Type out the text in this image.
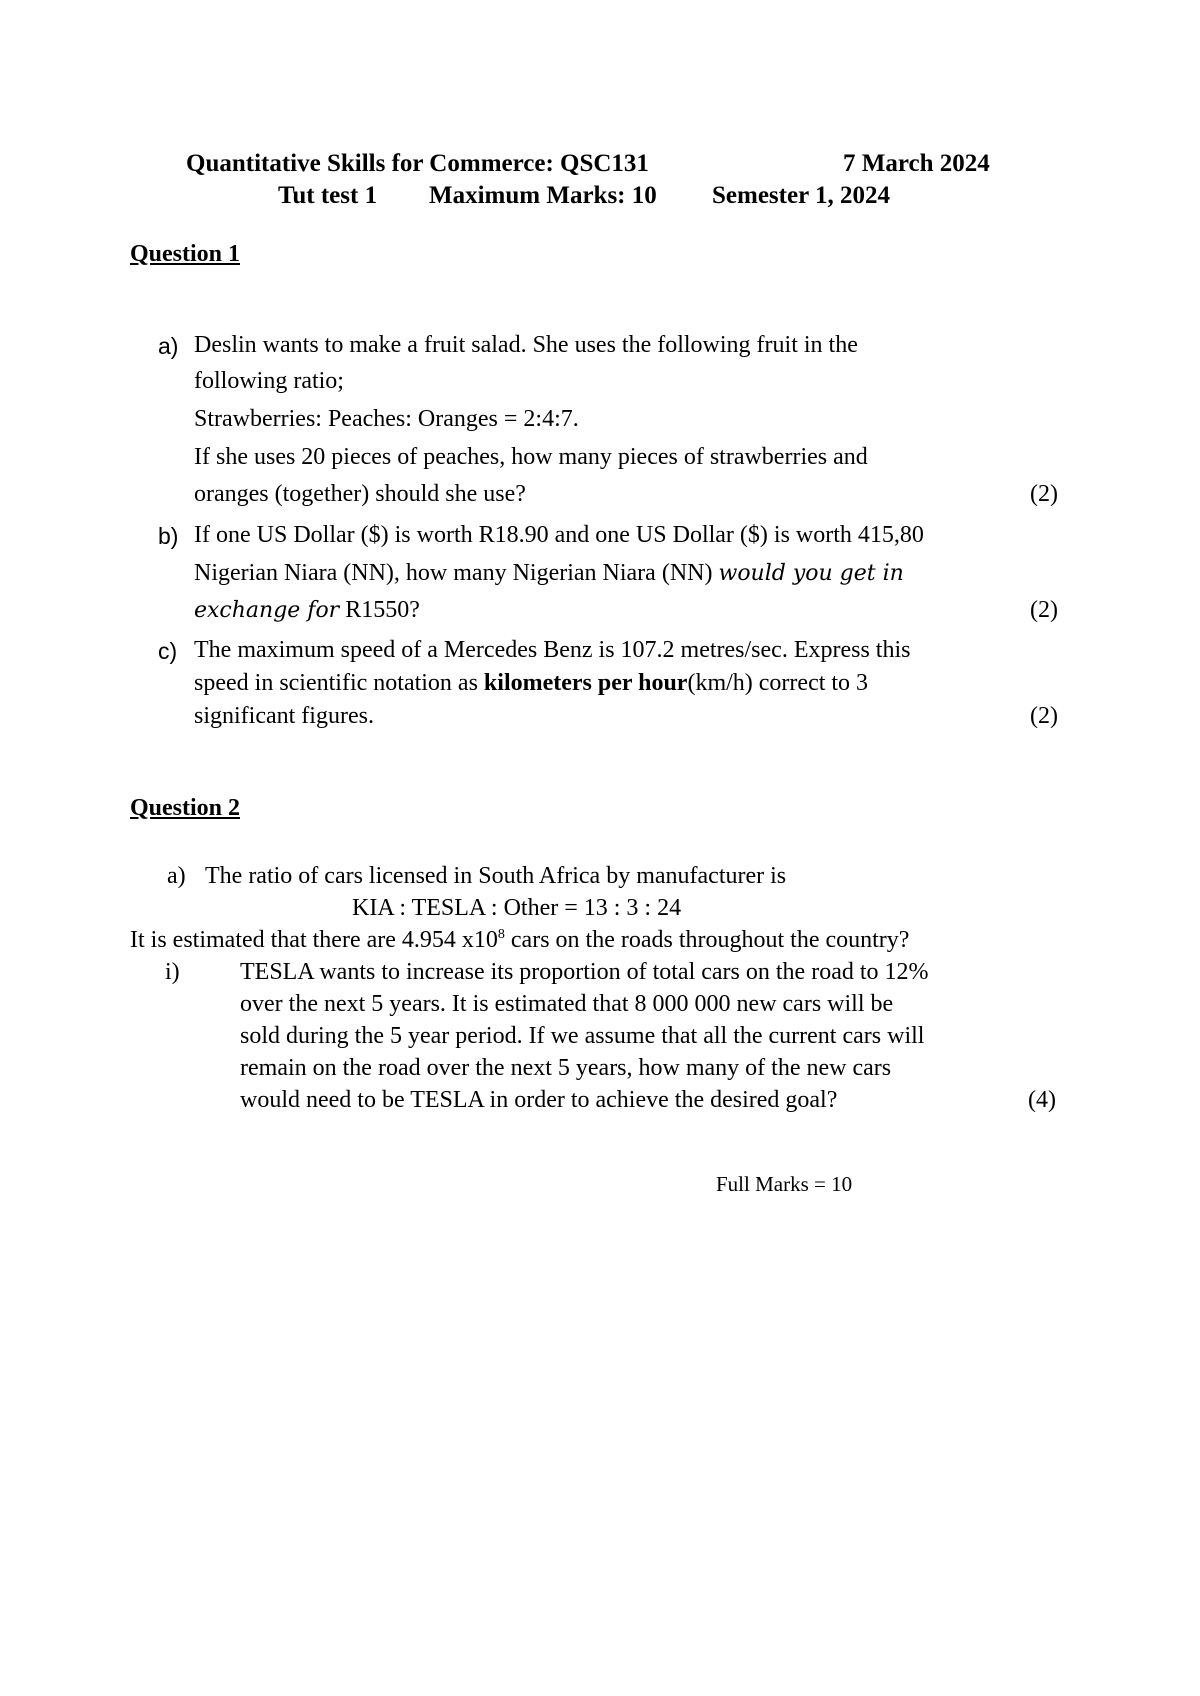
Quantitative Skills for Commerce: QSC131	7 March 2024
Tut test 1 Maximum Marks: 10 Semester 1, 2024
Question 1
a) Deslin wants to make a fruit salad. She uses the following fruit in the
following ratio;
Strawberries: Peaches: Oranges = 2:4:7.
If she uses 20 pieces of peaches, how many pieces of strawberries and
oranges (together) should she use?	(2)
b) If one US Dollar ($) is worth R18.90 and one US Dollar ($) is worth 415,80
Nigerian Niara (NN), how many Nigerian Niara (NN) would you get in
exchange for R1550?	(2)
c) The maximum speed of a Mercedes Benz is 107.2 metres/sec. Express this
speed in scientific notation as kilometers per hour(km/h) correct to 3
significant figures.	(2)
Question 2
a) The ratio of cars licensed in South Africa by manufacturer is
KIA : TESLA : Other = 13 : 3 : 24
It is estimated that there are 4.954 $x10^8$ cars on the roads throughout the country?
i)	TESLA wants to increase its proportion of total cars on the road to 12%
over the next 5 years. It is estimated that 8 000 000 new cars will be
sold during the 5 year period. If we assume that all the current cars will
remain on the road over the next 5 years, how many of the new cars
would need to be TESLA in order to achieve the desired goal?	(4)
Full Marks = 10
